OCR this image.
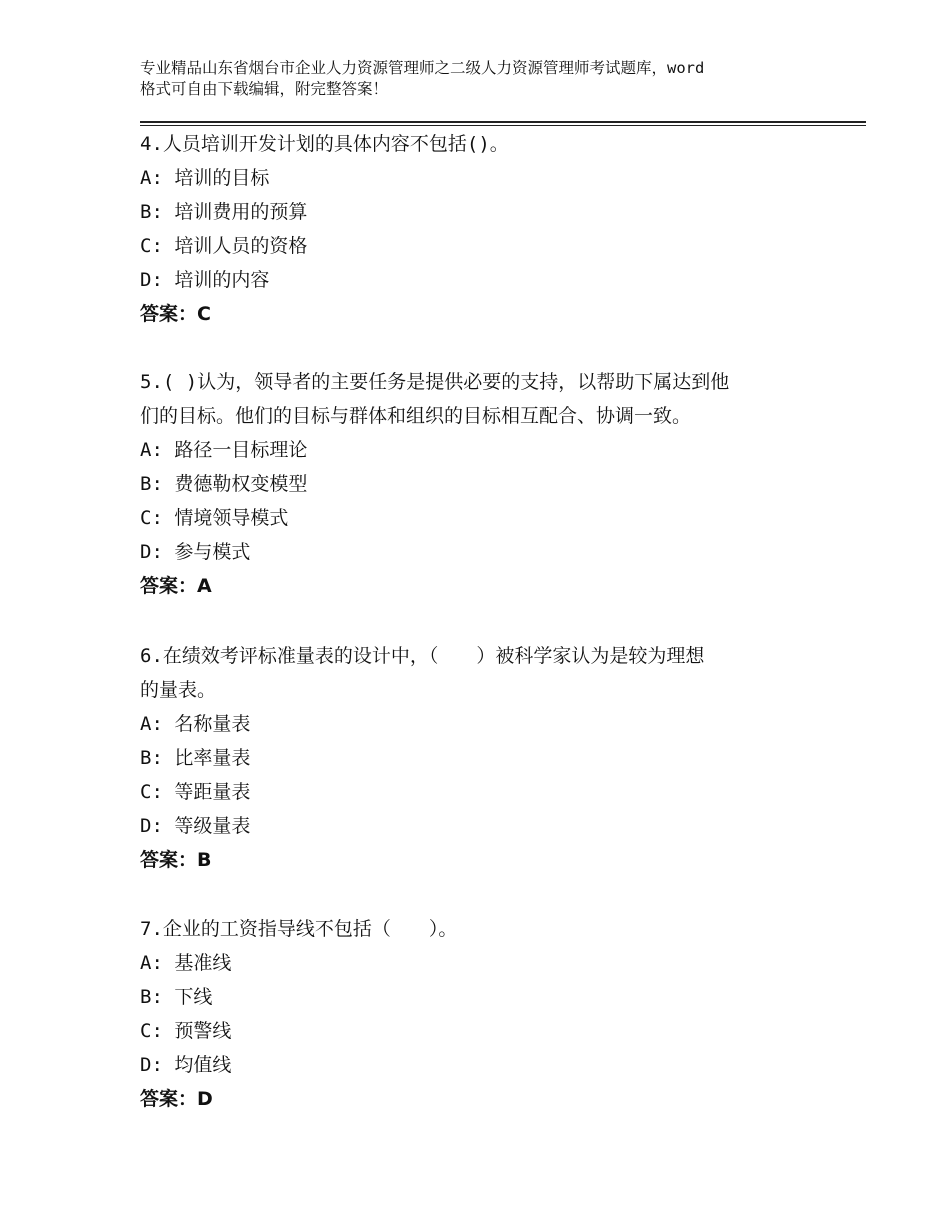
专业精品山东省烟台市企业人力资源管理师之二级人力资源管理师考试题库，word
格式可自由下载编辑，附完整答案！
4.人员培训开发计划的具体内容不包括()。
A: 培训的目标
B: 培训费用的预算
C: 培训人员的资格
D: 培训的内容
答案：C
5.( )认为，领导者的主要任务是提供必要的支持，以帮助下属达到他
们的目标。他们的目标与群体和组织的目标相互配合、协调一致。
A: 路径一目标理论
B: 费德勒权变模型
C: 情境领导模式
D: 参与模式
答案：A
6.在绩效考评标准量表的设计中，（　　）被科学家认为是较为理想
的量表。
A: 名称量表
B: 比率量表
C: 等距量表
D: 等级量表
答案：B
7.企业的工资指导线不包括（　　）。
A: 基准线
B: 下线
C: 预警线
D: 均值线
答案：D
